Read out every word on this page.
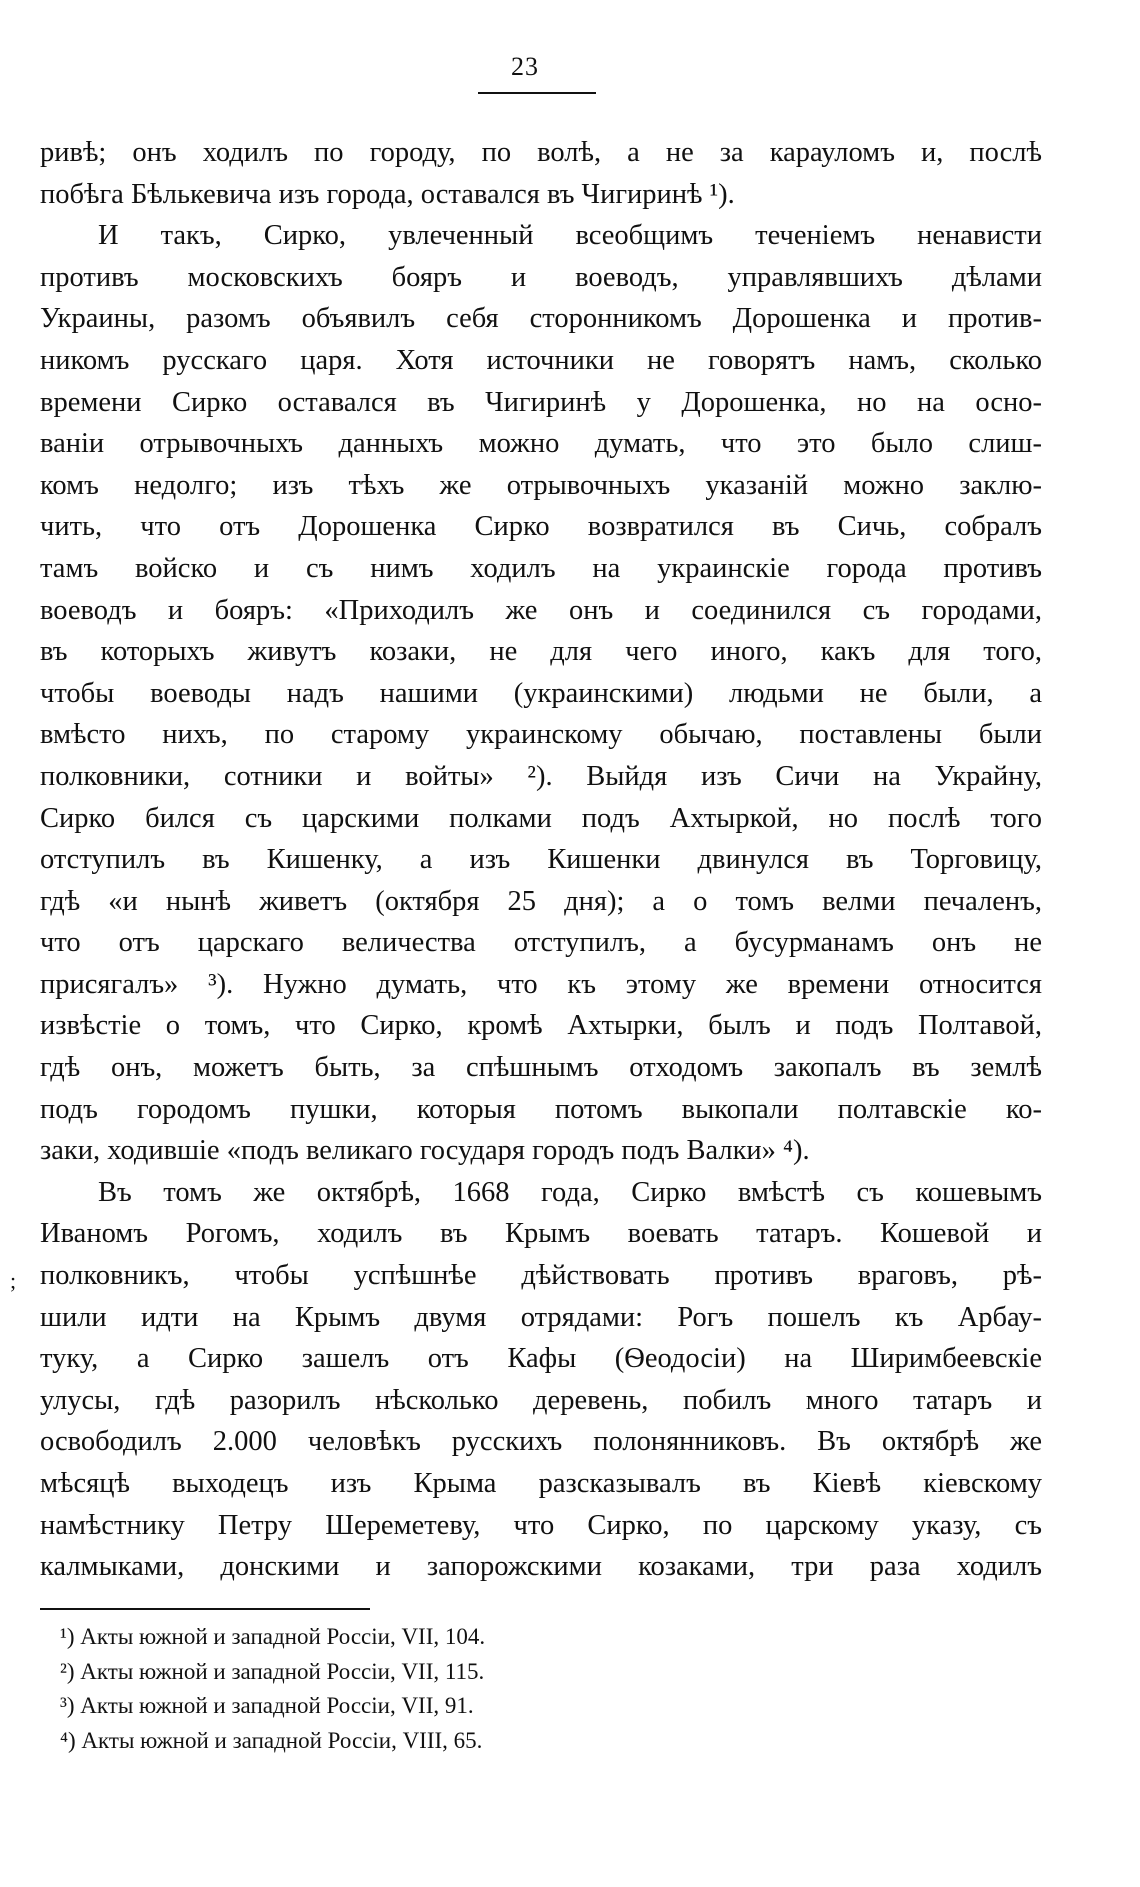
23
ривѣ; онъ ходилъ по городу, по волѣ, а не за карауломъ и, послѣ
побѣга Бѣлькевича изъ города, оставался въ Чигиринѣ ¹).
И такъ, Сирко, увлеченный всеобщимъ теченіемъ ненависти
противъ московскихъ бояръ и воеводъ, управлявшихъ дѣлами
Украины, разомъ объявилъ себя сторонникомъ Дорошенка и против-
никомъ русскаго царя. Хотя источники не говорятъ намъ, сколько
времени Сирко оставался въ Чигиринѣ у Дорошенка, но на осно-
ваніи отрывочныхъ данныхъ можно думать, что это было слиш-
комъ недолго; изъ тѣхъ же отрывочныхъ указаній можно заклю-
чить, что отъ Дорошенка Сирко возвратился въ Сичь, собралъ
тамъ войско и съ нимъ ходилъ на украинскіе города противъ
воеводъ и бояръ: «Приходилъ же онъ и соединился съ городами,
въ которыхъ живутъ козаки, не для чего иного, какъ для того,
чтобы воеводы надъ нашими (украинскими) людьми не были, а
вмѣсто нихъ, по старому украинскому обычаю, поставлены были
полковники, сотники и войты» ²). Выйдя изъ Сичи на Украйну,
Сирко бился съ царскими полками подъ Ахтыркой, но послѣ того
отступилъ въ Кишенку, а изъ Кишенки двинулся въ Торговицу,
гдѣ «и нынѣ живетъ (октября 25 дня); а о томъ велми печаленъ,
что отъ царскаго величества отступилъ, а бусурманамъ онъ не
присягалъ» ³). Нужно думать, что къ этому же времени относится
извѣстіе о томъ, что Сирко, кромѣ Ахтырки, былъ и подъ Полтавой,
гдѣ онъ, можетъ быть, за спѣшнымъ отходомъ закопалъ въ землѣ
подъ городомъ пушки, которыя потомъ выкопали полтавскіе ко-
заки, ходившіе «подъ великаго государя городъ подъ Валки» ⁴).
Въ томъ же октябрѣ, 1668 года, Сирко вмѣстѣ съ кошевымъ
Иваномъ Рогомъ, ходилъ въ Крымъ воевать татаръ. Кошевой и
полковникъ, чтобы успѣшнѣе дѣйствовать противъ враговъ, рѣ-
шили идти на Крымъ двумя отрядами: Рогъ пошелъ къ Арбау-
туку, а Сирко зашелъ отъ Кафы (Ѳеодосіи) на Ширимбеевскіе
улусы, гдѣ разорилъ нѣсколько деревень, побилъ много татаръ и
освободилъ 2.000 человѣкъ русскихъ полонянниковъ. Въ октябрѣ же
мѣсяцѣ выходецъ изъ Крыма разсказывалъ въ Кіевѣ кіевскому
намѣстнику Петру Шереметеву, что Сирко, по царскому указу, съ
калмыками, донскими и запорожскими козаками, три раза ходилъ
;
¹) Акты южной и западной Россіи, VII, 104.
²) Акты южной и западной Россіи, VII, 115.
³) Акты южной и западной Россіи, VII, 91.
⁴) Акты южной и западной Россіи, VIII, 65.
